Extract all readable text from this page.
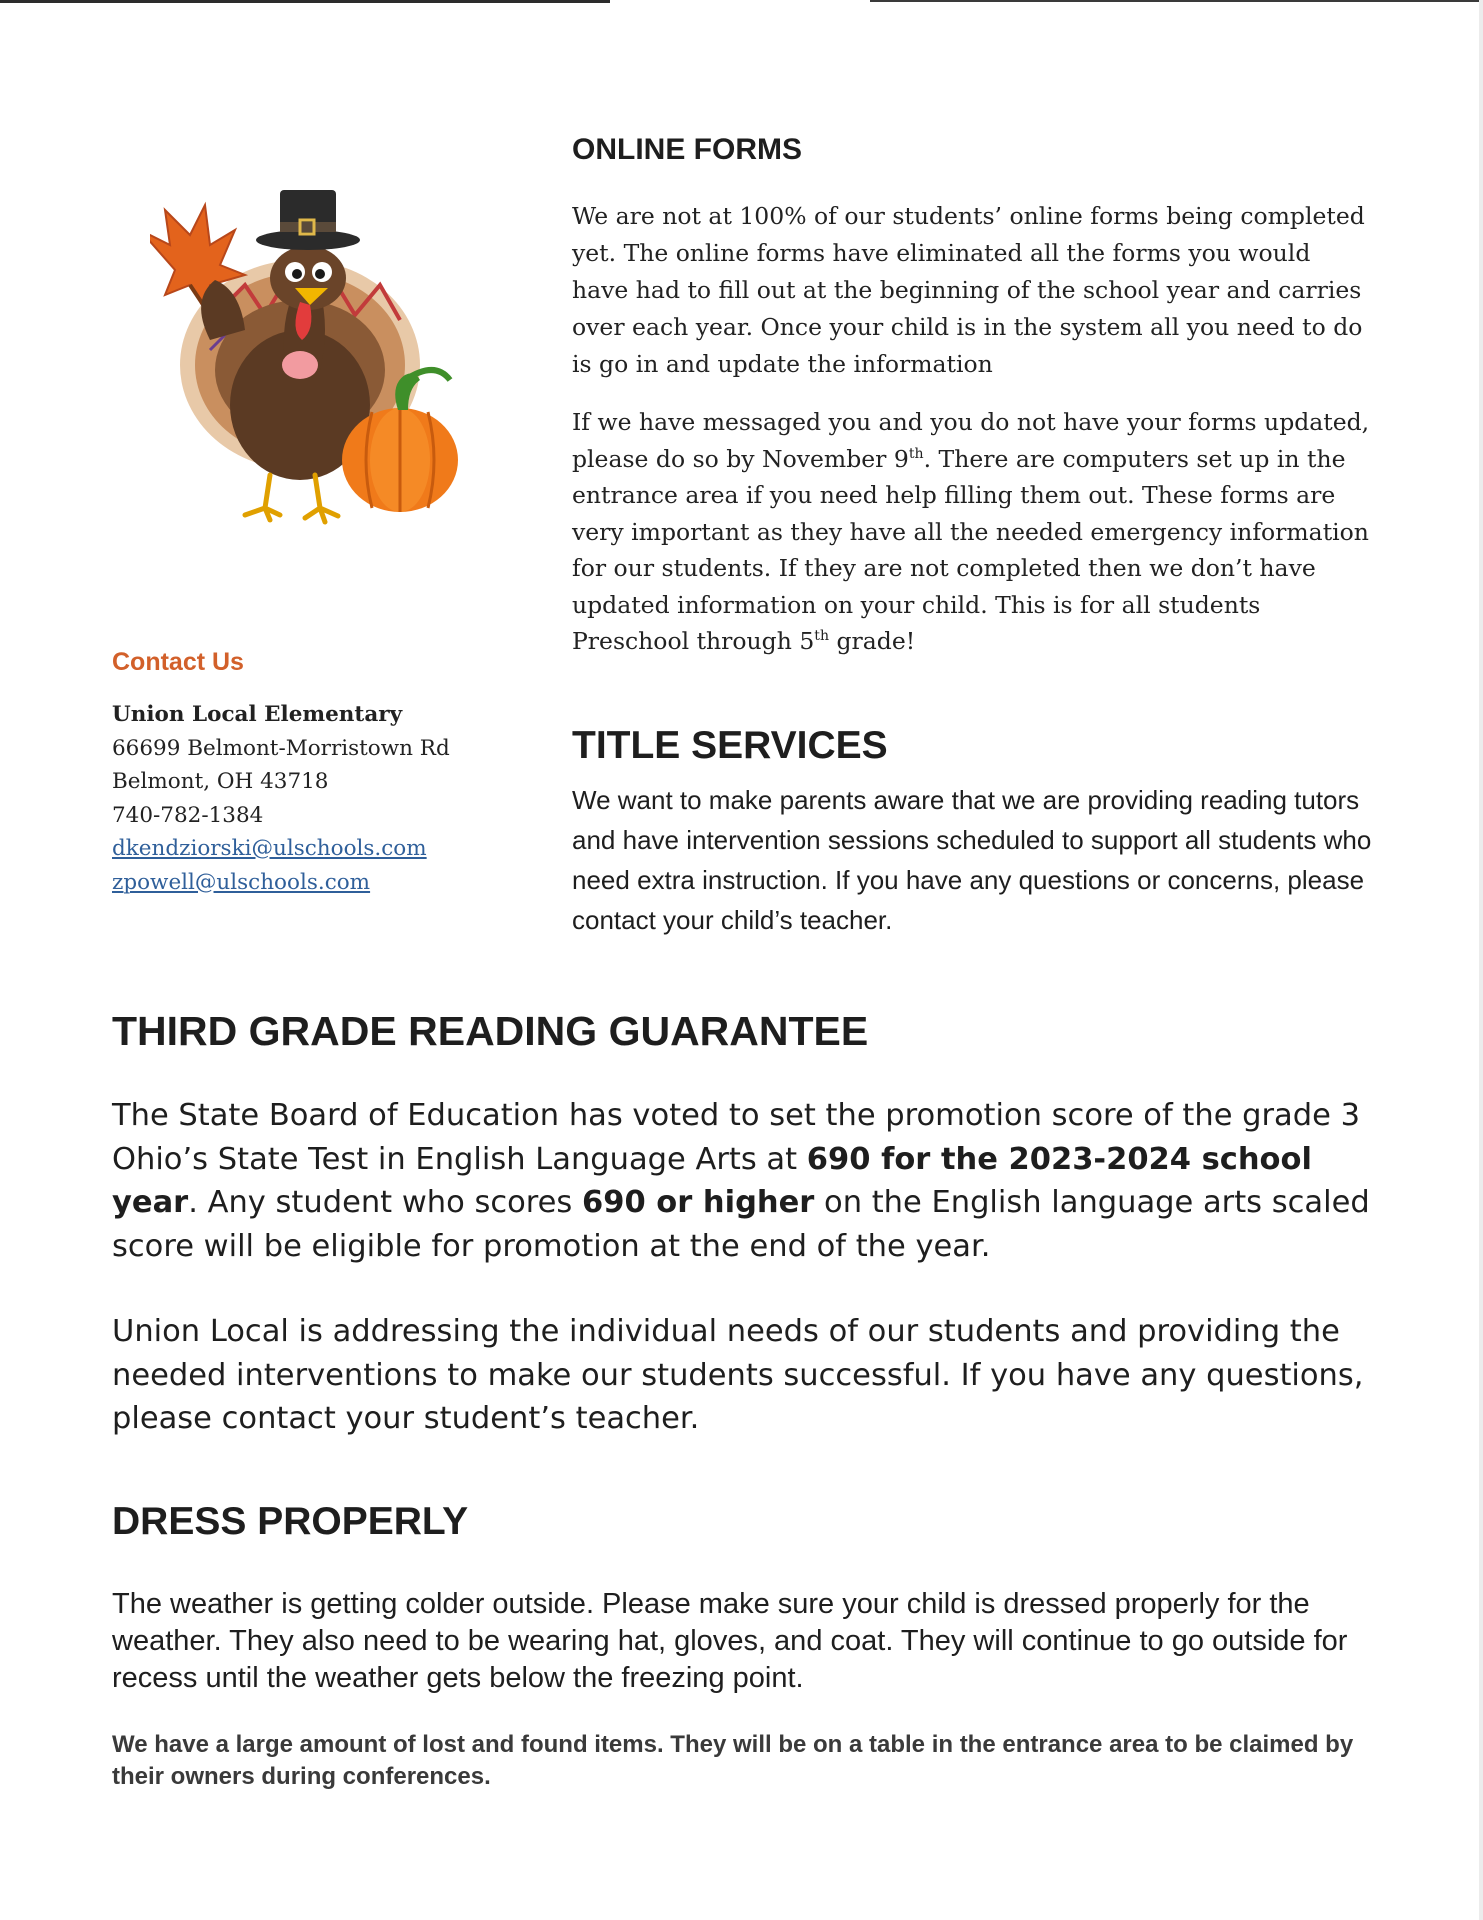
ONLINE FORMS

We are not at 100% of our students’ online forms being completed yet. The online forms have eliminated all the forms you would have had to fill out at the beginning of the school year and carries over each year. Once your child is in the system all you need to do is go in and update the information

If we have messaged you and you do not have your forms updated, please do so by November 9th. There are computers set up in the entrance area if you need help filling them out. These forms are very important as they have all the needed emergency information for our students. If they are not completed then we don’t have updated information on your child. This is for all students Preschool through 5th grade!

Contact Us
Union Local Elementary
66699 Belmont-Morristown Rd
Belmont, OH 43718
740-782-1384
dkendziorski@ulschools.com
zpowell@ulschools.com
TITLE SERVICES

We want to make parents aware that we are providing reading tutors and have intervention sessions scheduled to support all students who need extra instruction. If you have any questions or concerns, please contact your child’s teacher.

THIRD GRADE READING GUARANTEE

The State Board of Education has voted to set the promotion score of the grade 3 Ohio’s State Test in English Language Arts at 690 for the 2023-2024 school year. Any student who scores 690 or higher on the English language arts scaled score will be eligible for promotion at the end of the year.

Union Local is addressing the individual needs of our students and providing the needed interventions to make our students successful. If you have any questions, please contact your student’s teacher.

DRESS PROPERLY

The weather is getting colder outside. Please make sure your child is dressed properly for the weather. They also need to be wearing hat, gloves, and coat. They will continue to go outside for recess until the weather gets below the freezing point.

We have a large amount of lost and found items. They will be on a table in the entrance area to be claimed by their owners during conferences.
